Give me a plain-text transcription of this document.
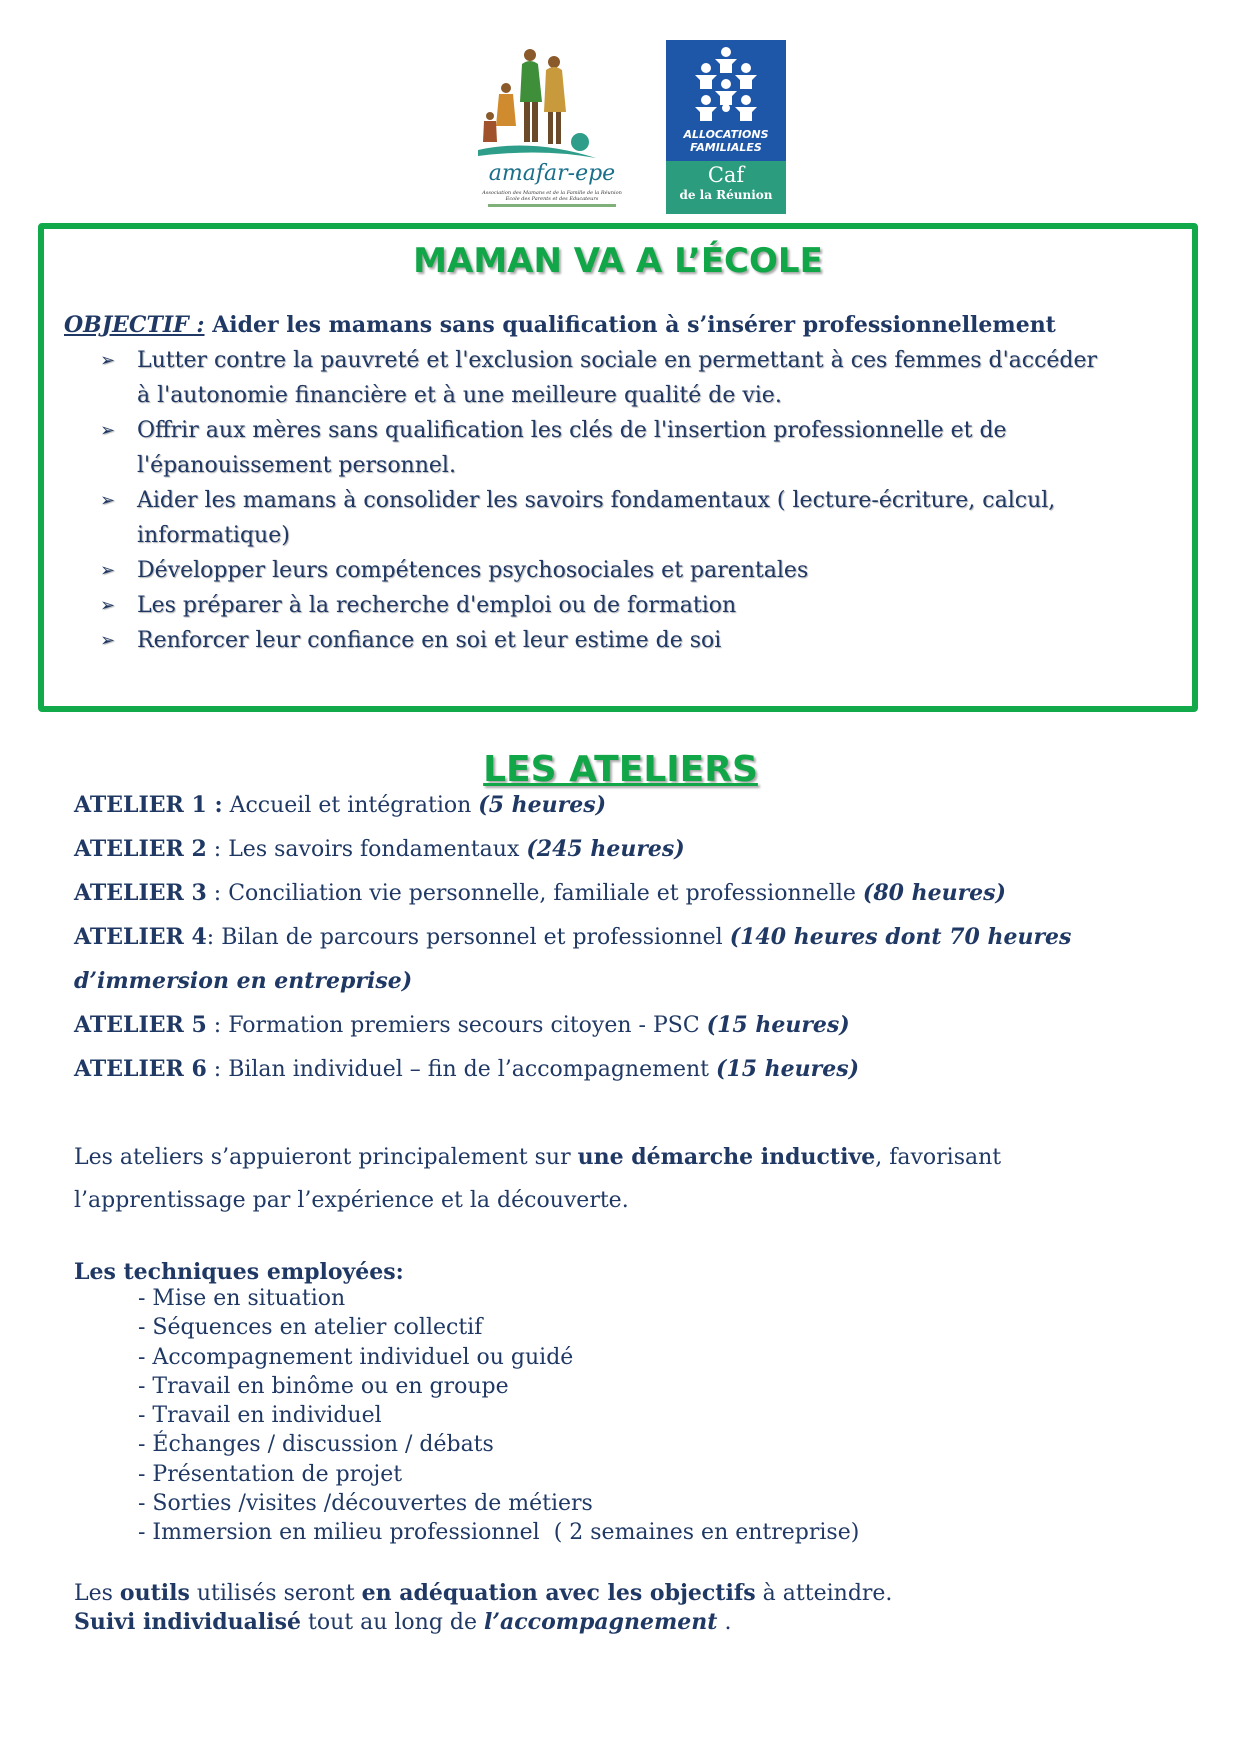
amafar-epe
Association des Mamans et de la Famille de la Réunion
Ecole des Parents et des Educateurs
ALLOCATIONS
FAMILIALES
Caf
de la Réunion
MAMAN VA A L’ÉCOLE
OBJECTIF : Aider les mamans sans qualification à s’insérer professionnellement
➢ Lutter contre la pauvreté et l'exclusion sociale en permettant à ces femmes d'accéder
à l'autonomie financière et à une meilleure qualité de vie.
➢ Offrir aux mères sans qualification les clés de l'insertion professionnelle et de
l'épanouissement personnel.
➢ Aider les mamans à consolider les savoirs fondamentaux ( lecture-écriture, calcul,
informatique)
➢ Développer leurs compétences psychosociales et parentales
➢ Les préparer à la recherche d'emploi ou de formation
➢ Renforcer leur confiance en soi et leur estime de soi
LES ATELIERS
ATELIER 1 : Accueil et intégration (5 heures)
ATELIER 2 : Les savoirs fondamentaux (245 heures)
ATELIER 3 : Conciliation vie personnelle, familiale et professionnelle (80 heures)
ATELIER 4: Bilan de parcours personnel et professionnel (140 heures dont 70 heures
d’immersion en entreprise)
ATELIER 5 : Formation premiers secours citoyen - PSC (15 heures)
ATELIER 6 : Bilan individuel – fin de l’accompagnement (15 heures)
Les ateliers s’appuieront principalement sur une démarche inductive, favorisant
l’apprentissage par l’expérience et la découverte.
Les techniques employées:
- Mise en situation
- Séquences en atelier collectif
- Accompagnement individuel ou guidé
- Travail en binôme ou en groupe
- Travail en individuel
- Échanges / discussion / débats
- Présentation de projet
- Sorties /visites /découvertes de métiers
- Immersion en milieu professionnel  ( 2 semaines en entreprise)
Les outils utilisés seront en adéquation avec les objectifs à atteindre.
Suivi individualisé tout au long de l’accompagnement .
